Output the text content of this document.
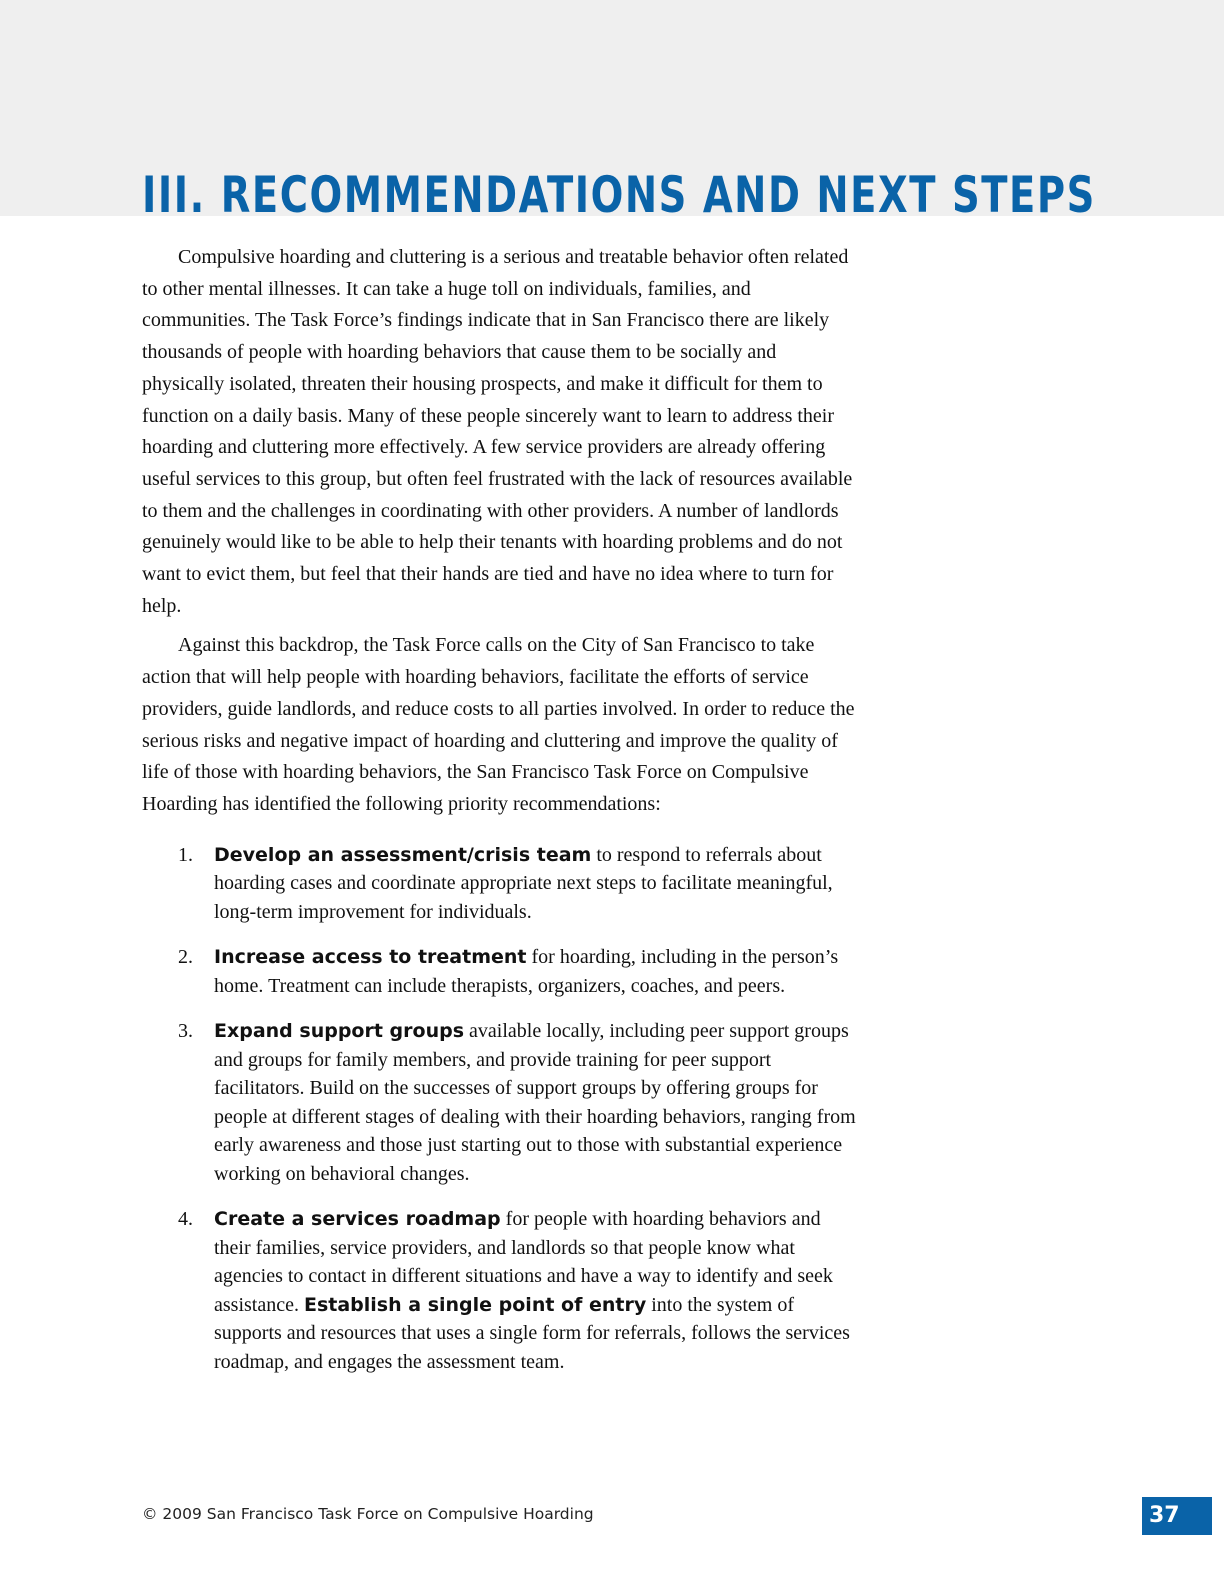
III. RECOMMENDATIONS AND NEXT STEPS

Compulsive hoarding and cluttering is a serious and treatable behavior often related to other mental illnesses. It can take a huge toll on individuals, families, and communities. The Task Force’s findings indicate that in San Francisco there are likely thousands of people with hoarding behaviors that cause them to be socially and physically isolated, threaten their housing prospects, and make it difficult for them to function on a daily basis. Many of these people sincerely want to learn to address their hoarding and cluttering more effectively. A few service providers are already offering useful services to this group, but often feel frustrated with the lack of resources available to them and the challenges in coordinating with other providers. A number of landlords genuinely would like to be able to help their tenants with hoarding problems and do not want to evict them, but feel that their hands are tied and have no idea where to turn for help.

Against this backdrop, the Task Force calls on the City of San Francisco to take action that will help people with hoarding behaviors, facilitate the efforts of service providers, guide landlords, and reduce costs to all parties involved. In order to reduce the serious risks and negative impact of hoarding and cluttering and improve the quality of life of those with hoarding behaviors, the San Francisco Task Force on Compulsive Hoarding has identified the following priority recommendations:

1. Develop an assessment/crisis team to respond to referrals about hoarding cases and coordinate appropriate next steps to facilitate meaningful, long-term improvement for individuals.
2. Increase access to treatment for hoarding, including in the person’s home. Treatment can include therapists, organizers, coaches, and peers.
3. Expand support groups available locally, including peer support groups and groups for family members, and provide training for peer support facilitators. Build on the successes of support groups by offering groups for people at different stages of dealing with their hoarding behaviors, ranging from early awareness and those just starting out to those with substantial experience working on behavioral changes.
4. Create a services roadmap for people with hoarding behaviors and their families, service providers, and landlords so that people know what agencies to contact in different situations and have a way to identify and seek assistance. Establish a single point of entry into the system of supports and resources that uses a single form for referrals, follows the services roadmap, and engages the assessment team.
© 2009 San Francisco Task Force on Compulsive Hoarding	37
